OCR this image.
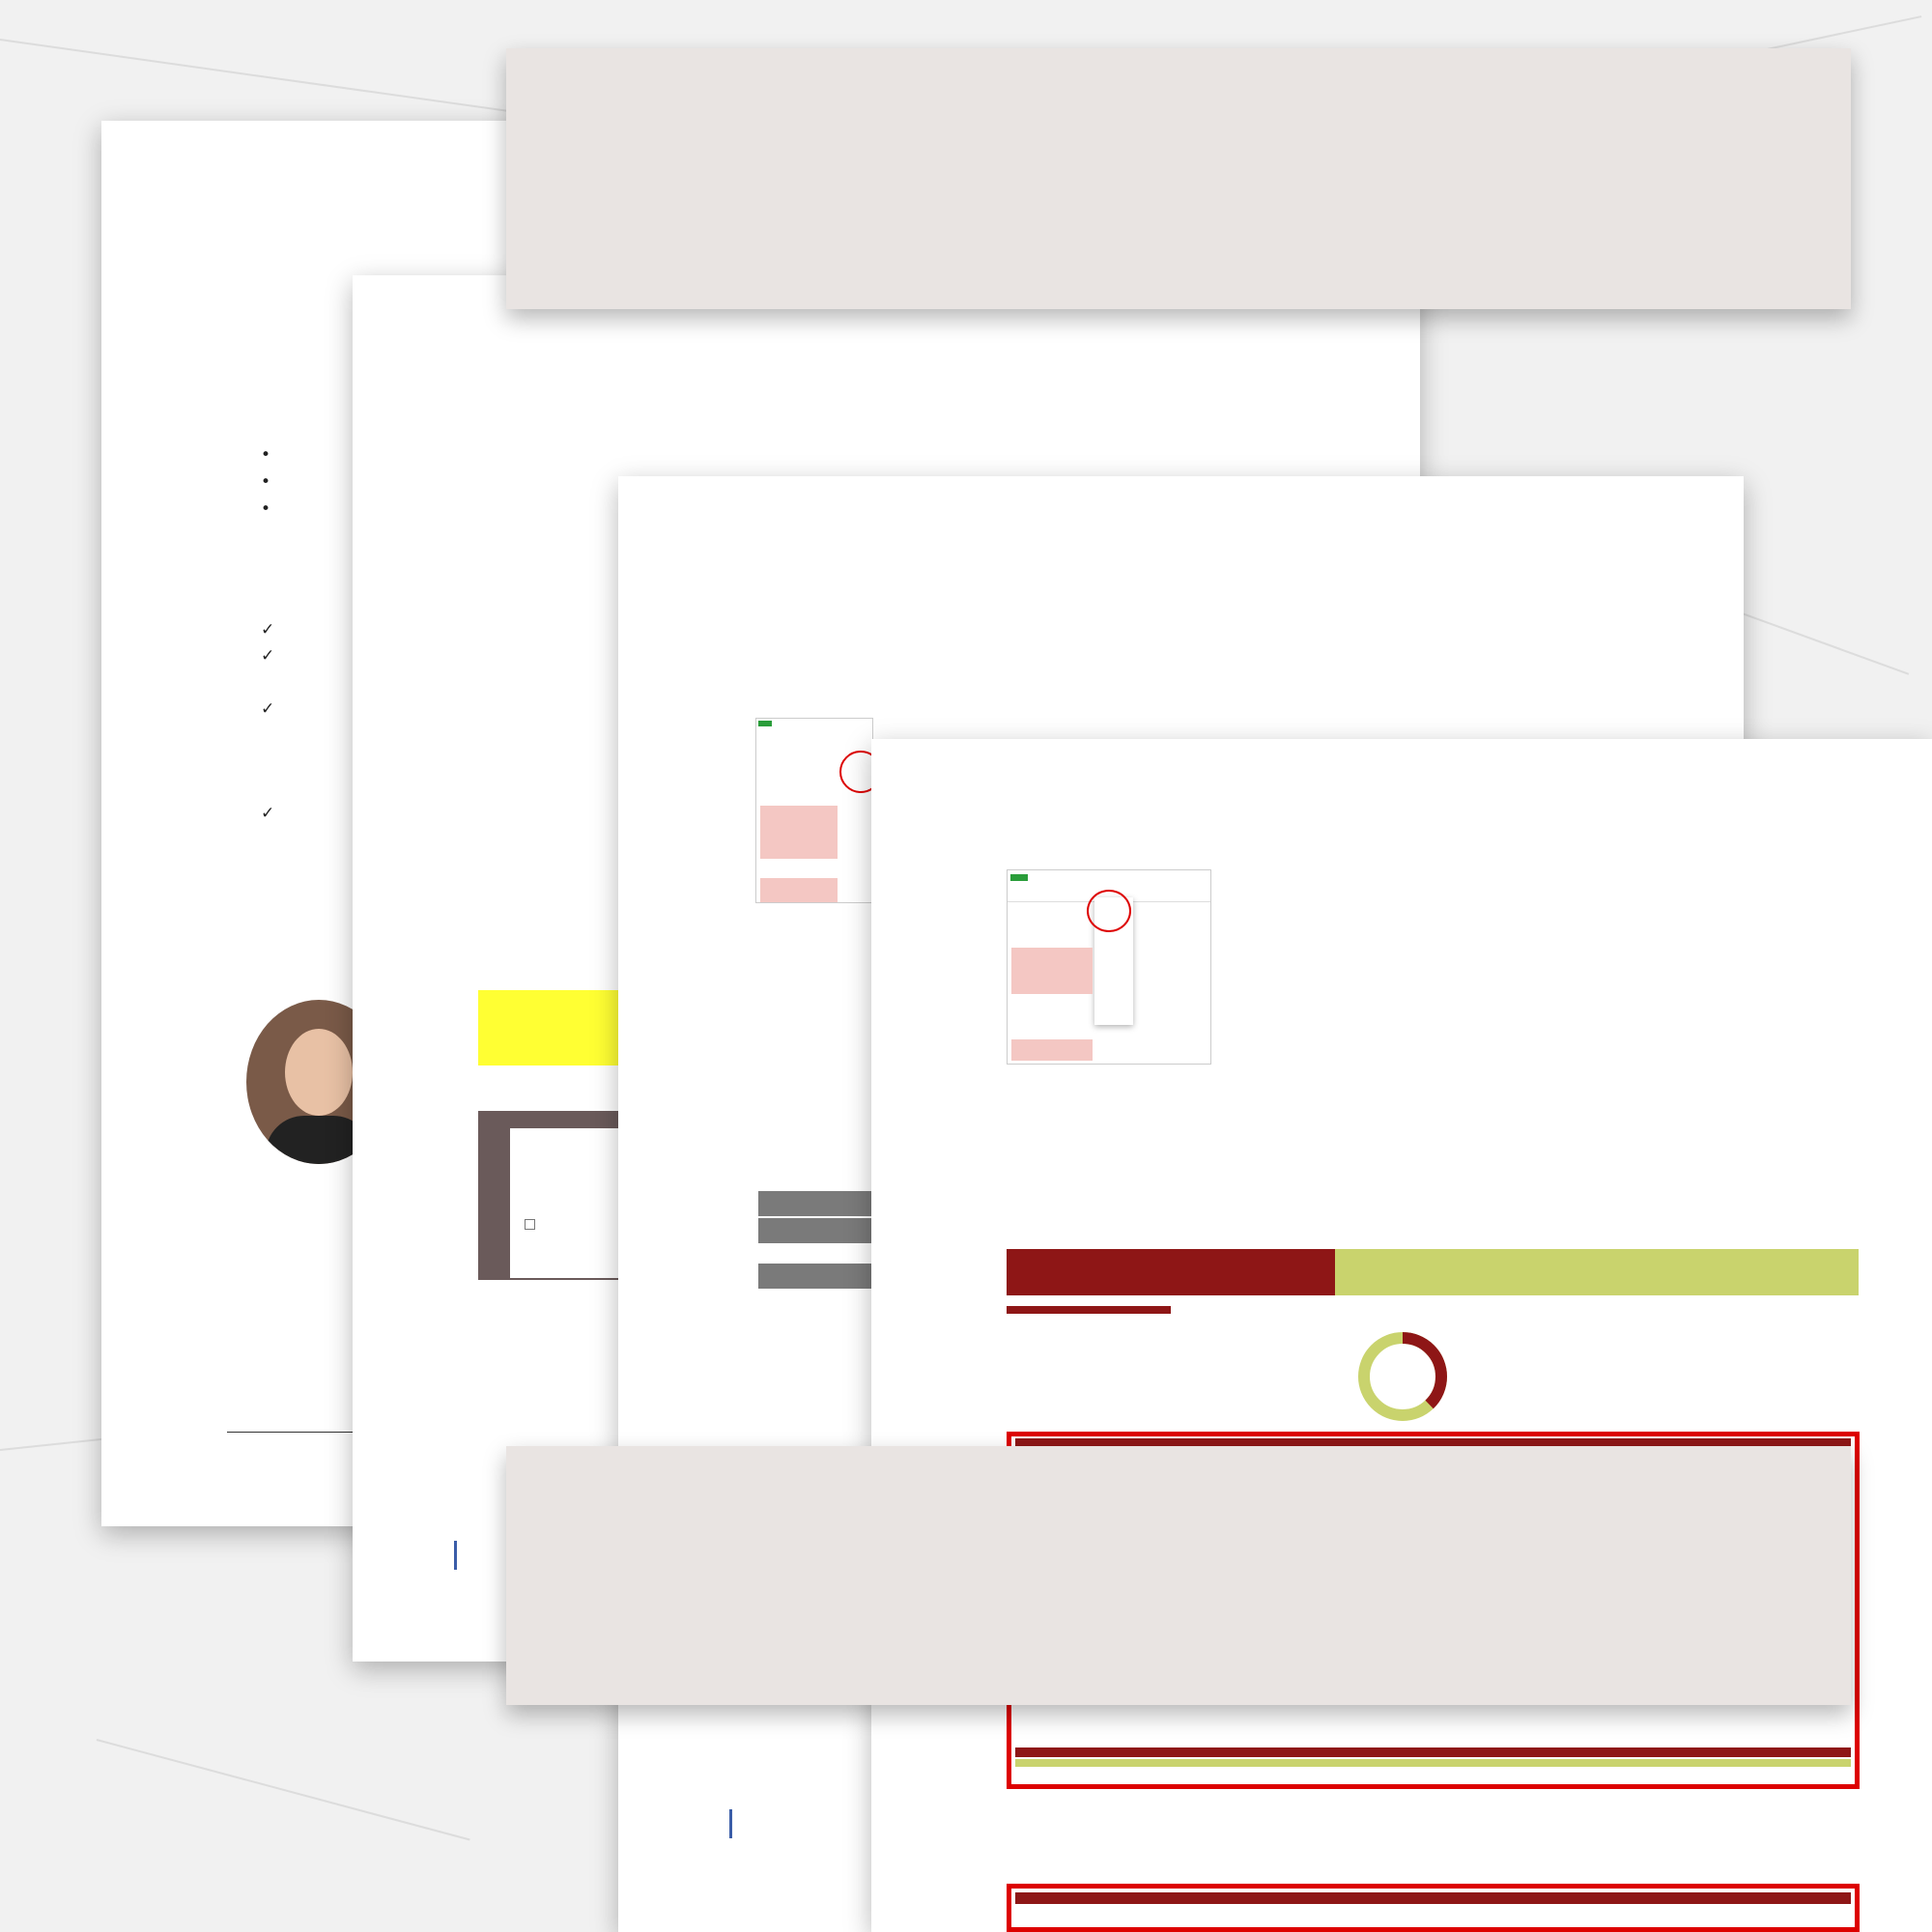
•
•
•
✓
✓
✓
✓
